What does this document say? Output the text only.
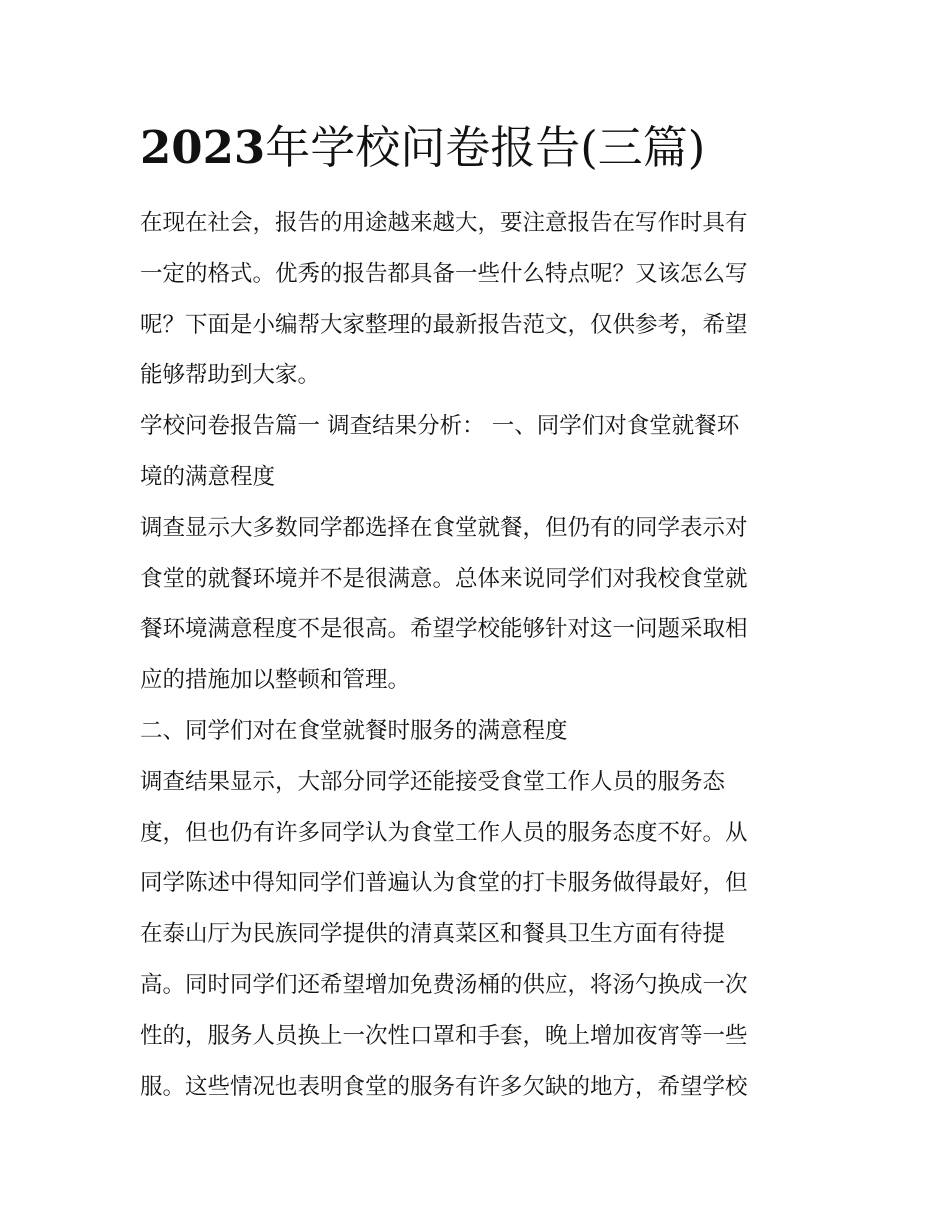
2023年学校问卷报告(三篇)
在现在社会，报告的用途越来越大，要注意报告在写作时具有
一定的格式。优秀的报告都具备一些什么特点呢？又该怎么写
呢？下面是小编帮大家整理的最新报告范文，仅供参考，希望
能够帮助到大家。
学校问卷报告篇一 调查结果分析： 一、同学们对食堂就餐环
境的满意程度
调查显示大多数同学都选择在食堂就餐，但仍有的同学表示对
食堂的就餐环境并不是很满意。总体来说同学们对我校食堂就
餐环境满意程度不是很高。希望学校能够针对这一问题采取相
应的措施加以整顿和管理。
二、同学们对在食堂就餐时服务的满意程度
调查结果显示，大部分同学还能接受食堂工作人员的服务态
度，但也仍有许多同学认为食堂工作人员的服务态度不好。从
同学陈述中得知同学们普遍认为食堂的打卡服务做得最好，但
在泰山厅为民族同学提供的清真菜区和餐具卫生方面有待提
高。同时同学们还希望增加免费汤桶的供应，将汤勺换成一次
性的，服务人员换上一次性口罩和手套，晚上增加夜宵等一些
服。这些情况也表明食堂的服务有许多欠缺的地方，希望学校
